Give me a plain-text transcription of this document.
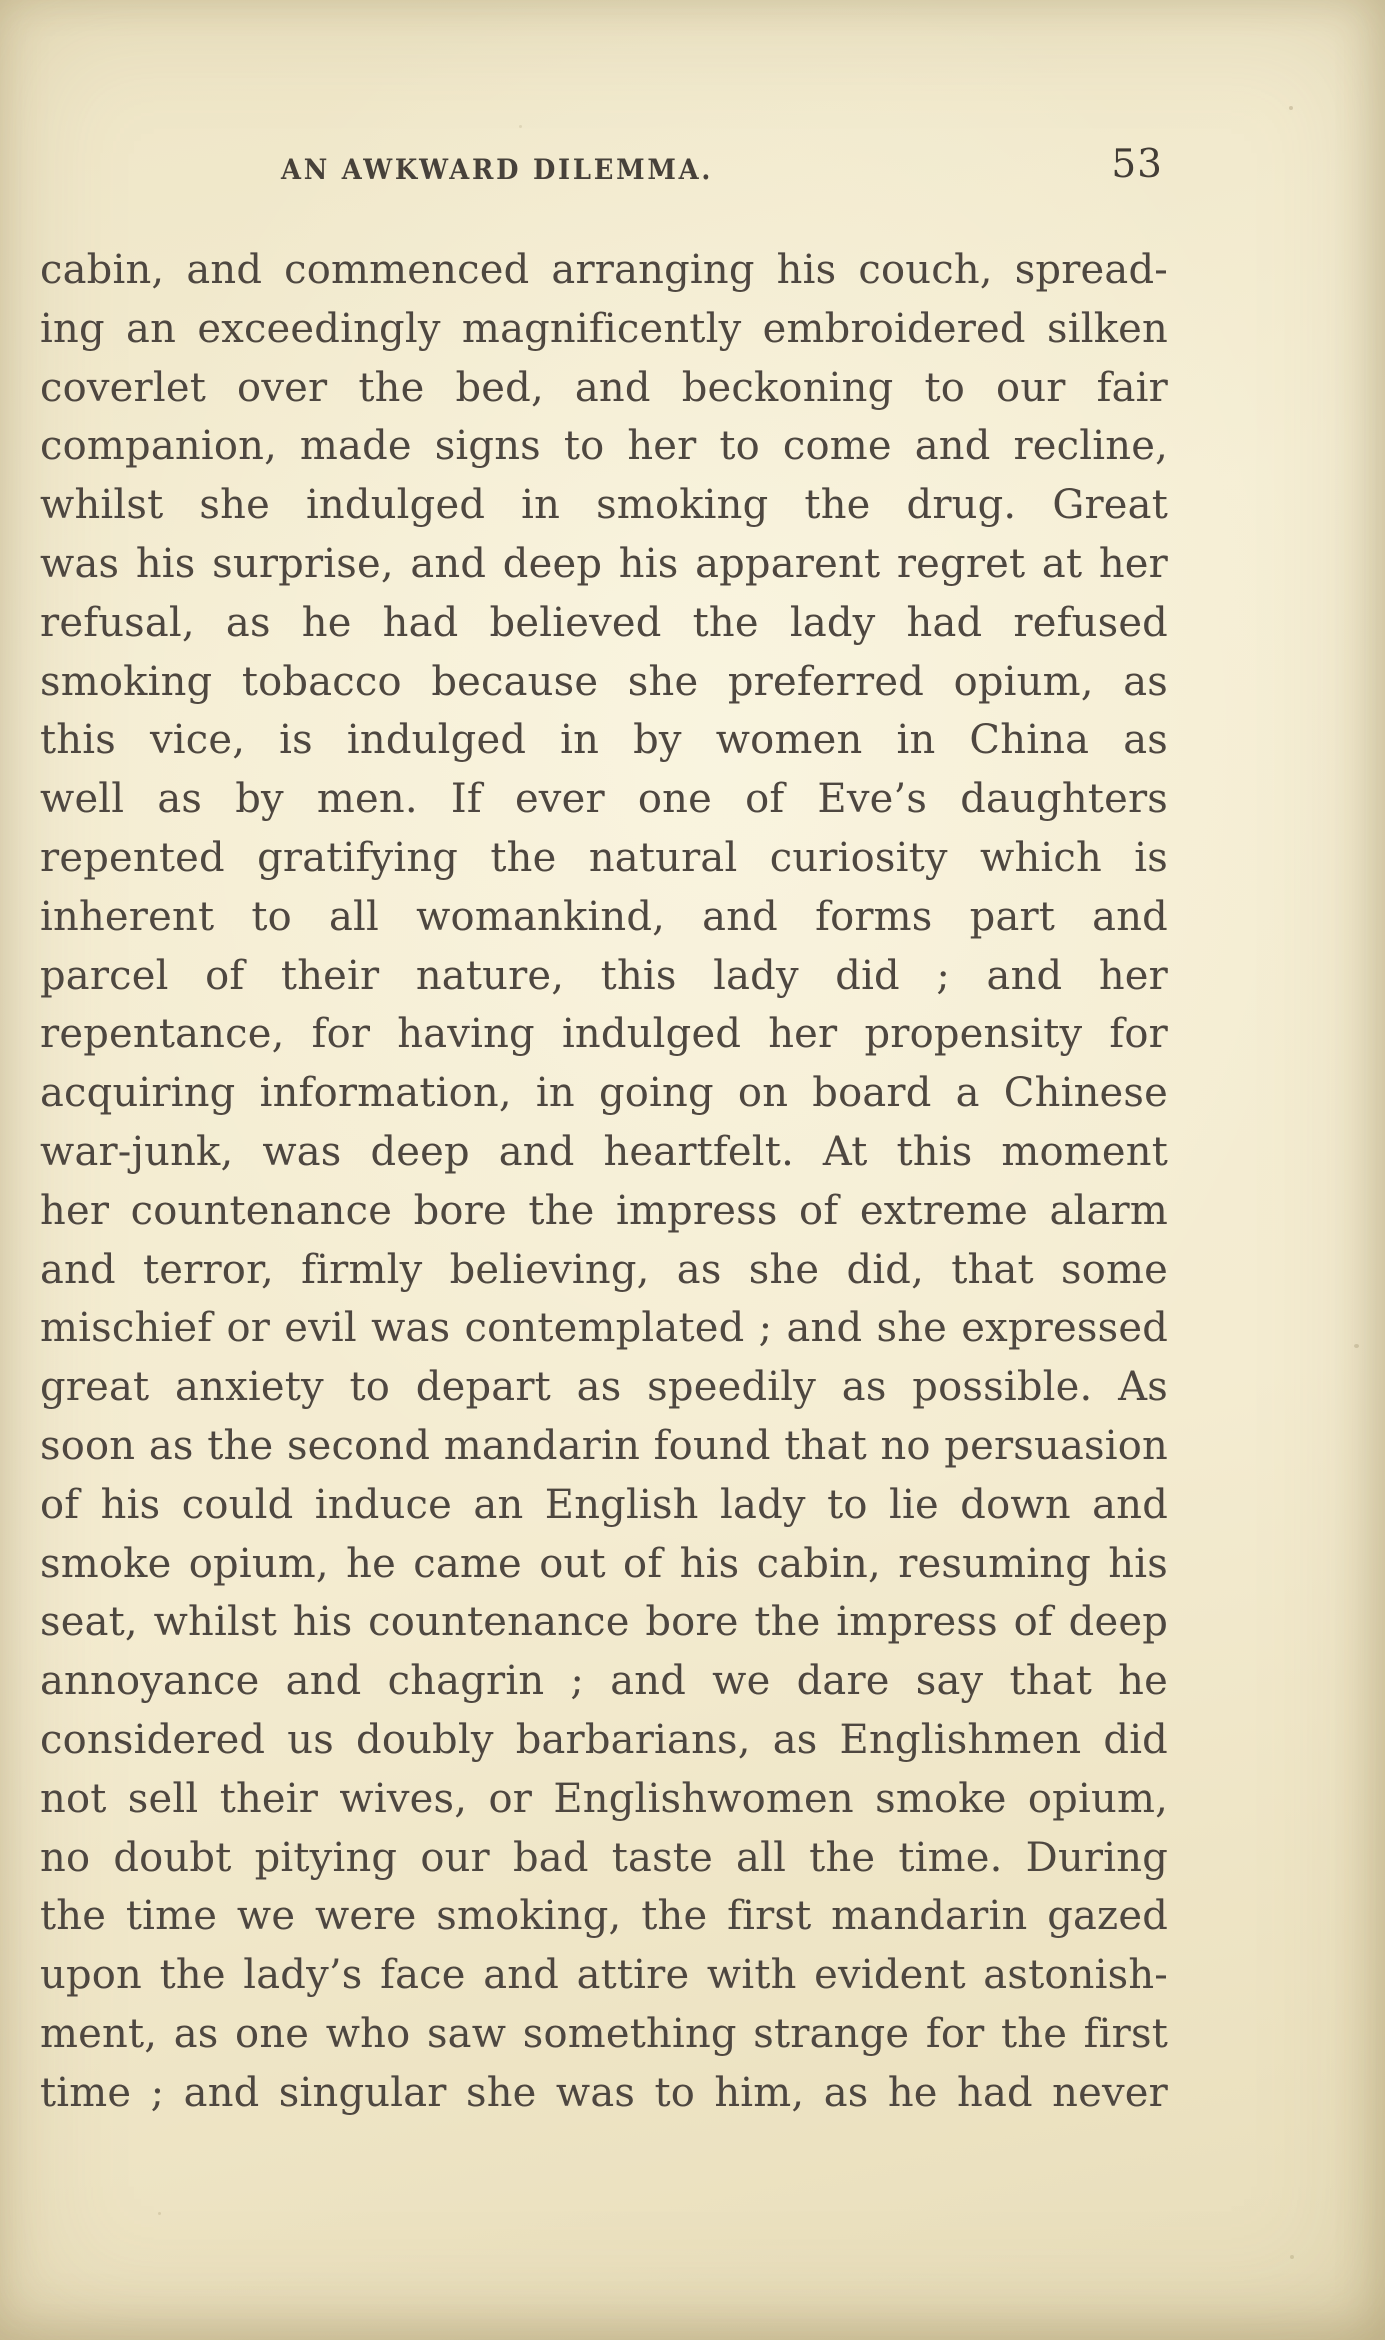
AN AWKWARD DILEMMA.	53
cabin, and commenced arranging his couch, spread-
ing an exceedingly magnificently embroidered silken
coverlet over the bed, and beckoning to our fair
companion, made signs to her to come and recline,
whilst she indulged in smoking the drug. Great
was his surprise, and deep his apparent regret at her
refusal, as he had believed the lady had refused
smoking tobacco because she preferred opium, as
this vice, is indulged in by women in China as
well as by men. If ever one of Eve’s daughters
repented gratifying the natural curiosity which is
inherent to all womankind, and forms part and
parcel of their nature, this lady did ; and her
repentance, for having indulged her propensity for
acquiring information, in going on board a Chinese
war-junk, was deep and heartfelt. At this moment
her countenance bore the impress of extreme alarm
and terror, firmly believing, as she did, that some
mischief or evil was contemplated ; and she expressed
great anxiety to depart as speedily as possible. As
soon as the second mandarin found that no persuasion
of his could induce an English lady to lie down and
smoke opium, he came out of his cabin, resuming his
seat, whilst his countenance bore the impress of deep
annoyance and chagrin ; and we dare say that he
considered us doubly barbarians, as Englishmen did
not sell their wives, or Englishwomen smoke opium,
no doubt pitying our bad taste all the time. During
the time we were smoking, the first mandarin gazed
upon the lady’s face and attire with evident astonish-
ment, as one who saw something strange for the first
time ; and singular she was to him, as he had never
